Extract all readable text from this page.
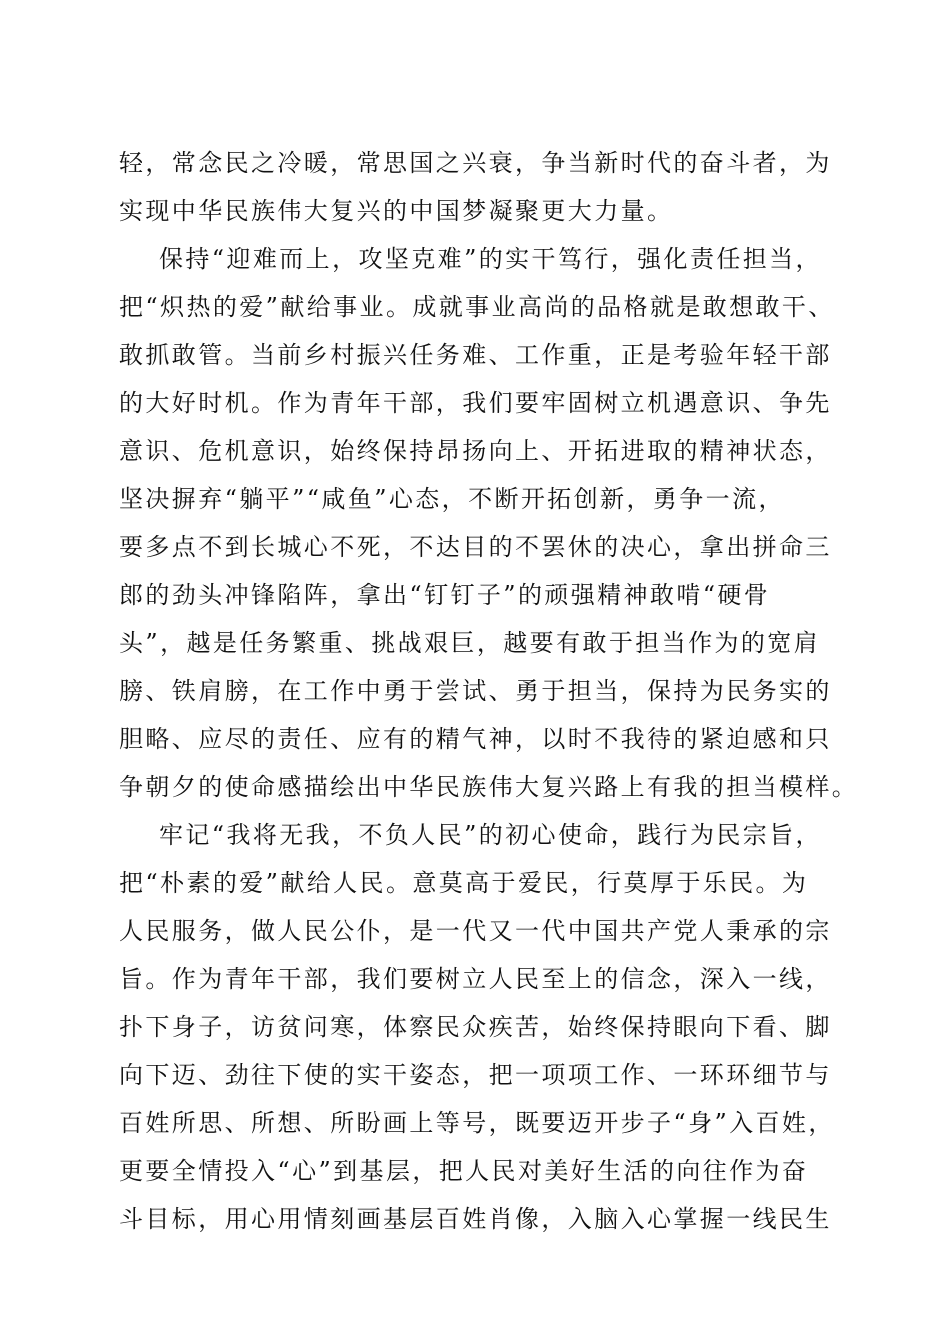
轻，常念民之冷暖，常思国之兴衰，争当新时代的奋斗者，为
实现中华民族伟大复兴的中国梦凝聚更大力量。
保持“迎难而上，攻坚克难”的实干笃行，强化责任担当，
把“炽热的爱”献给事业。成就事业高尚的品格就是敢想敢干、
敢抓敢管。当前乡村振兴任务难、工作重，正是考验年轻干部
的大好时机。作为青年干部，我们要牢固树立机遇意识、争先
意识、危机意识，始终保持昂扬向上、开拓进取的精神状态，
坚决摒弃“躺平”“咸鱼”心态，不断开拓创新，勇争一流，
要多点不到长城心不死，不达目的不罢休的决心，拿出拼命三
郎的劲头冲锋陷阵，拿出“钉钉子”的顽强精神敢啃“硬骨
头”，越是任务繁重、挑战艰巨，越要有敢于担当作为的宽肩
膀、铁肩膀，在工作中勇于尝试、勇于担当，保持为民务实的
胆略、应尽的责任、应有的精气神，以时不我待的紧迫感和只
争朝夕的使命感描绘出中华民族伟大复兴路上有我的担当模样。
牢记“我将无我，不负人民”的初心使命，践行为民宗旨，
把“朴素的爱”献给人民。意莫高于爱民，行莫厚于乐民。为
人民服务，做人民公仆，是一代又一代中国共产党人秉承的宗
旨。作为青年干部，我们要树立人民至上的信念，深入一线，
扑下身子，访贫问寒，体察民众疾苦，始终保持眼向下看、脚
向下迈、劲往下使的实干姿态，把一项项工作、一环环细节与
百姓所思、所想、所盼画上等号，既要迈开步子“身”入百姓，
更要全情投入“心”到基层，把人民对美好生活的向往作为奋
斗目标，用心用情刻画基层百姓肖像，入脑入心掌握一线民生
